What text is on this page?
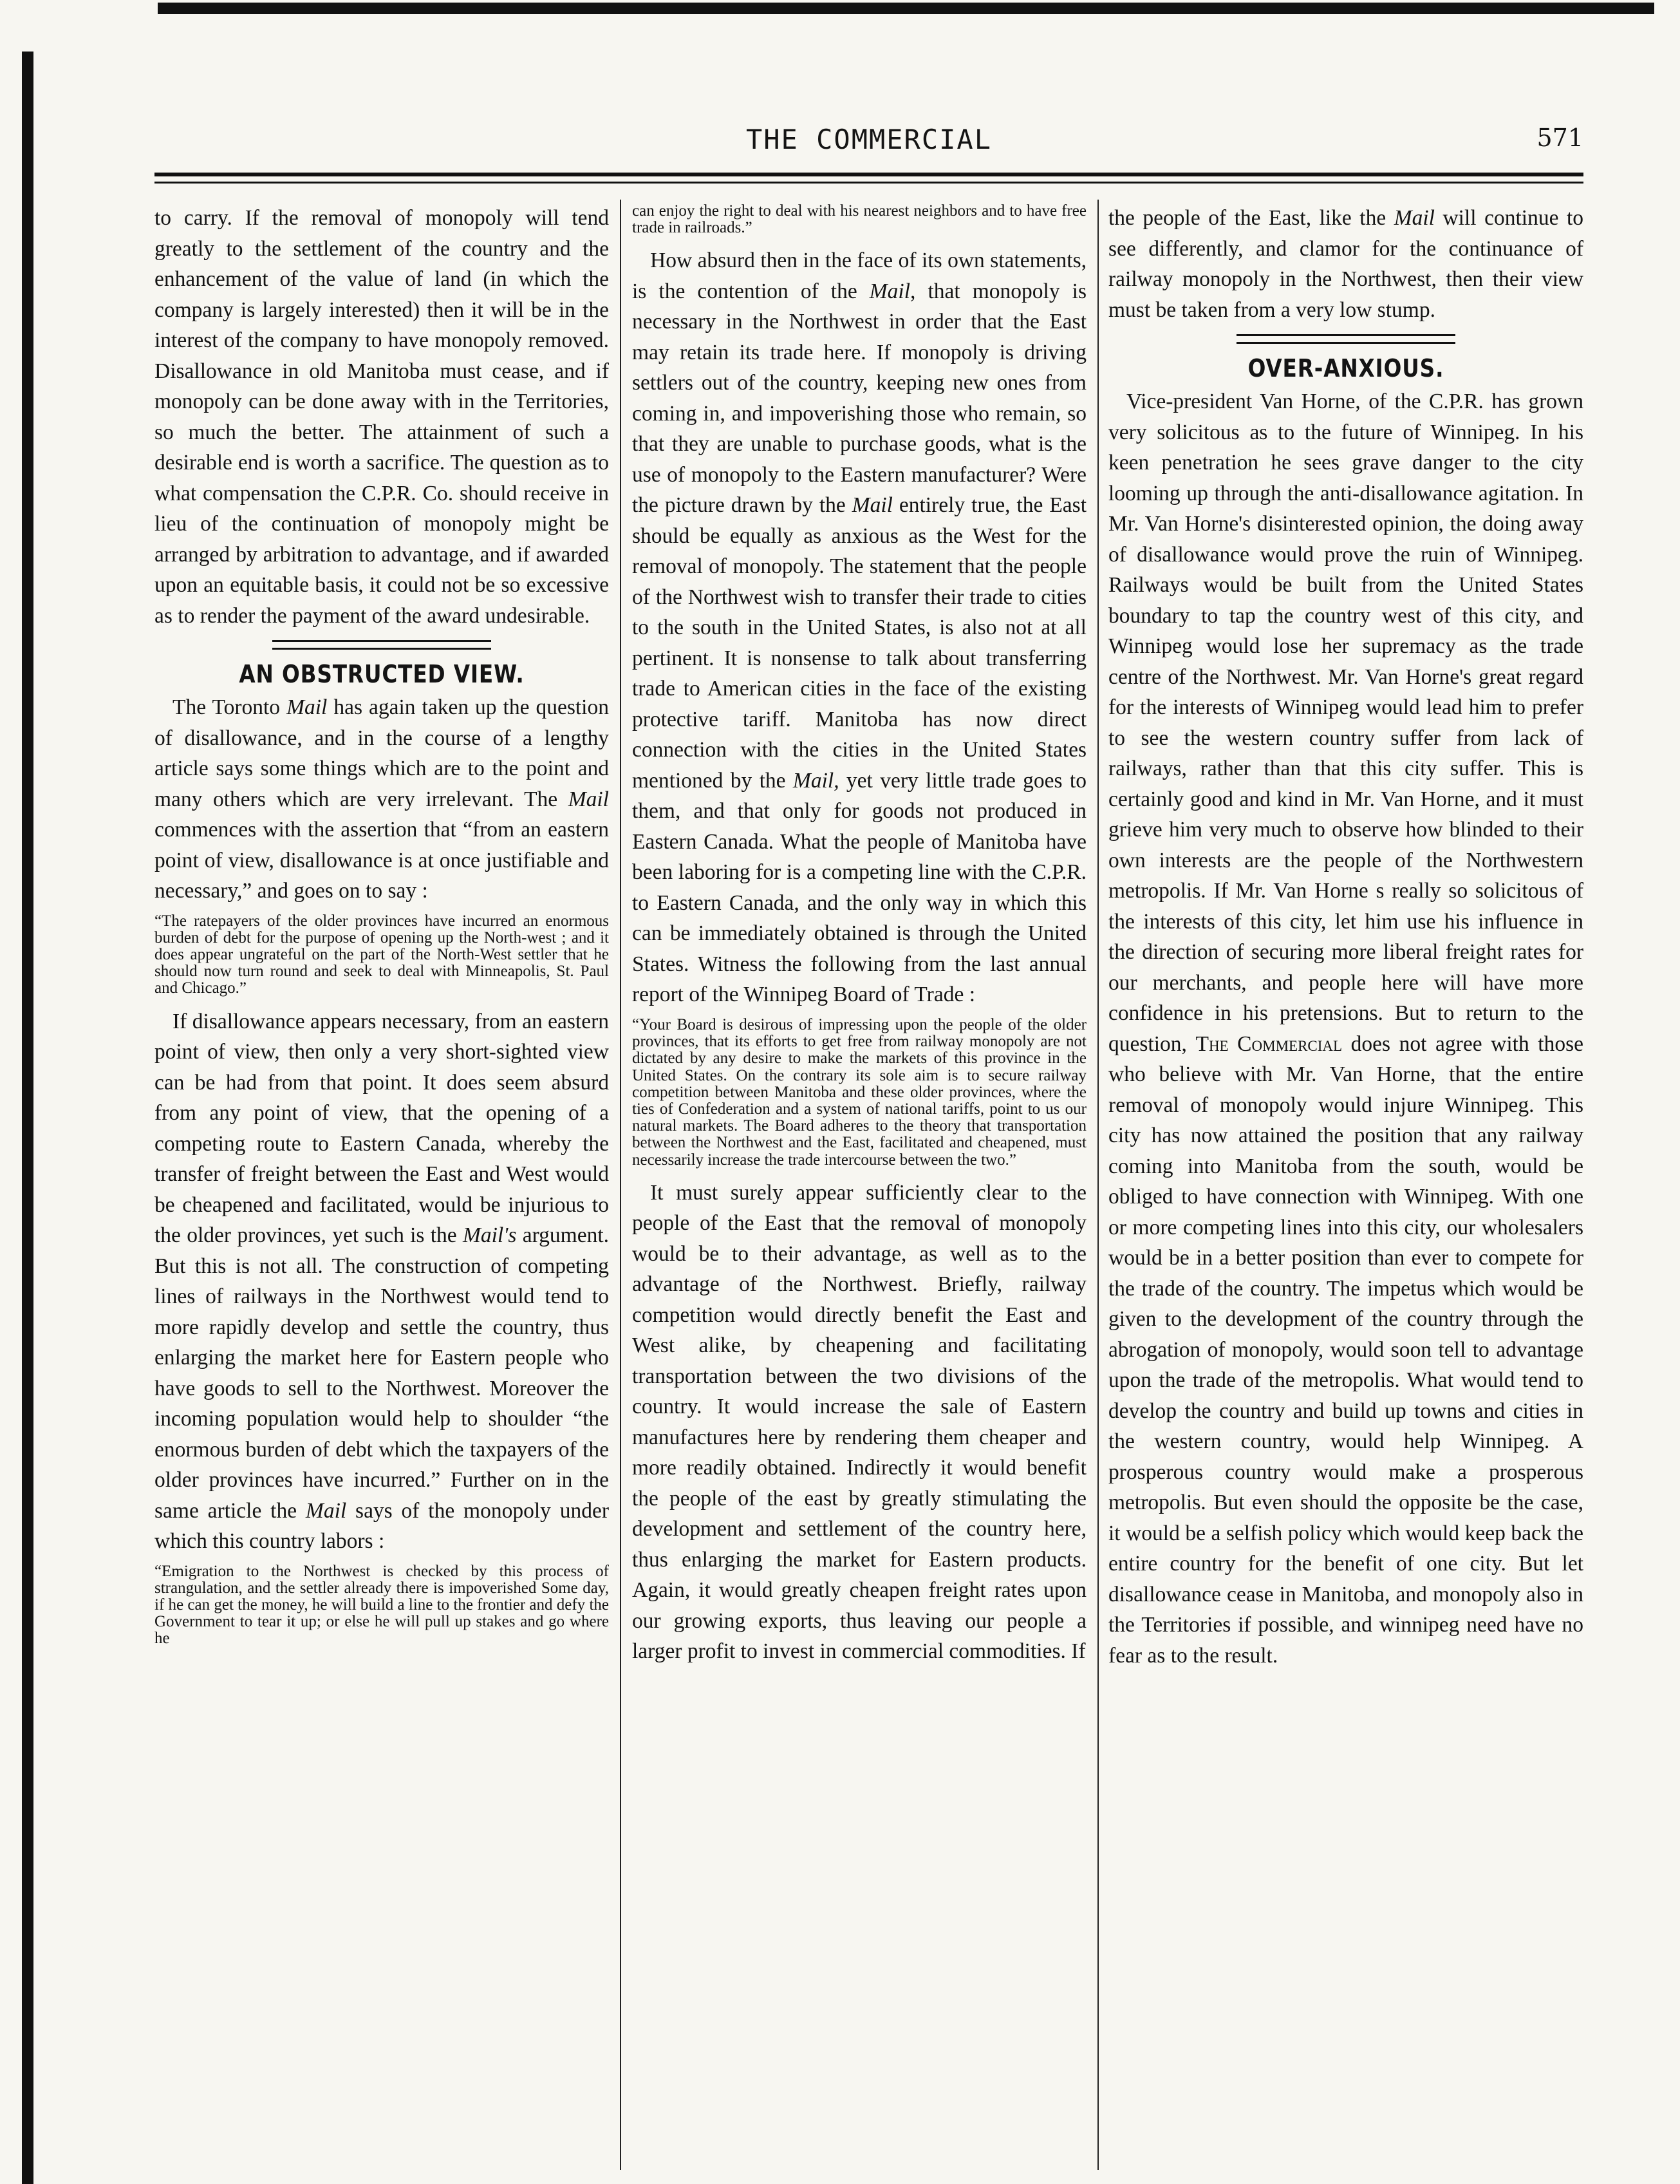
THE COMMERCIAL	571

to carry. If the removal of monopoly will tend greatly to the settlement of the country and the enhancement of the value of land (in which the company is largely interested) then it will be in the interest of the company to have monopoly removed. Disallowance in old Manitoba must cease, and if monopoly can be done away with in the Territories, so much the better. The attainment of such a desirable end is worth a sacrifice. The question as to what compensation the C.P.R. Co. should receive in lieu of the continuation of monopoly might be arranged by arbitration to advantage, and if awarded upon an equitable basis, it could not be so excessive as to render the payment of the award undesirable.

AN OBSTRUCTED VIEW.

The Toronto Mail has again taken up the question of disallowance, and in the course of a lengthy article says some things which are to the point and many others which are very irrelevant. The Mail commences with the assertion that “from an eastern point of view, disallowance is at once justifiable and necessary,” and goes on to say :

“The ratepayers of the older provinces have incurred an enormous burden of debt for the purpose of opening up the North-west ; and it does appear ungrateful on the part of the North-West settler that he should now turn round and seek to deal with Minneapolis, St. Paul and Chicago.”

If disallowance appears necessary, from an eastern point of view, then only a very short-sighted view can be had from that point. It does seem absurd from any point of view, that the opening of a competing route to Eastern Canada, whereby the transfer of freight between the East and West would be cheapened and facilitated, would be injurious to the older provinces, yet such is the Mail's argument. But this is not all. The construction of competing lines of railways in the Northwest would tend to more rapidly develop and settle the country, thus enlarging the market here for Eastern people who have goods to sell to the Northwest. Moreover the incoming population would help to shoulder “the enormous burden of debt which the taxpayers of the older provinces have incurred.” Further on in the same article the Mail says of the monopoly under which this country labors :

“Emigration to the Northwest is checked by this process of strangulation, and the settler already there is impoverished Some day, if he can get the money, he will build a line to the frontier and defy the Government to tear it up; or else he will pull up stakes and go where he

can enjoy the right to deal with his nearest neighbors and to have free trade in railroads.”

How absurd then in the face of its own statements, is the contention of the Mail, that monopoly is necessary in the Northwest in order that the East may retain its trade here. If monopoly is driving settlers out of the country, keeping new ones from coming in, and impoverishing those who remain, so that they are unable to purchase goods, what is the use of monopoly to the Eastern manufacturer? Were the picture drawn by the Mail entirely true, the East should be equally as anxious as the West for the removal of monopoly. The statement that the people of the Northwest wish to transfer their trade to cities to the south in the United States, is also not at all pertinent. It is nonsense to talk about transferring trade to American cities in the face of the existing protective tariff. Manitoba has now direct connection with the cities in the United States mentioned by the Mail, yet very little trade goes to them, and that only for goods not produced in Eastern Canada. What the people of Manitoba have been laboring for is a competing line with the C.P.R. to Eastern Canada, and the only way in which this can be immediately obtained is through the United States. Witness the following from the last annual report of the Winnipeg Board of Trade :

“Your Board is desirous of impressing upon the people of the older provinces, that its efforts to get free from railway monopoly are not dictated by any desire to make the markets of this province in the United States. On the contrary its sole aim is to secure railway competition between Manitoba and these older provinces, where the ties of Confederation and a system of national tariffs, point to us our natural markets. The Board adheres to the theory that transportation between the Northwest and the East, facilitated and cheapened, must necessarily increase the trade intercourse between the two.”

It must surely appear sufficiently clear to the people of the East that the removal of monopoly would be to their advantage, as well as to the advantage of the Northwest. Briefly, railway competition would directly benefit the East and West alike, by cheapening and facilitating transportation between the two divisions of the country. It would increase the sale of Eastern manufactures here by rendering them cheaper and more readily obtained. Indirectly it would benefit the people of the east by greatly stimulating the development and settlement of the country here, thus enlarging the market for Eastern products. Again, it would greatly cheapen freight rates upon our growing exports, thus leaving our people a larger profit to invest in commercial commodities. If

the people of the East, like the Mail will continue to see differently, and clamor for the continuance of railway monopoly in the Northwest, then their view must be taken from a very low stump.

OVER-ANXIOUS.

Vice-president Van Horne, of the C.P.R. has grown very solicitous as to the future of Winnipeg. In his keen penetration he sees grave danger to the city looming up through the anti-disallowance agitation. In Mr. Van Horne's disinterested opinion, the doing away of disallowance would prove the ruin of Winnipeg. Railways would be built from the United States boundary to tap the country west of this city, and Winnipeg would lose her supremacy as the trade centre of the Northwest. Mr. Van Horne's great regard for the interests of Winnipeg would lead him to prefer to see the western country suffer from lack of railways, rather than that this city suffer. This is certainly good and kind in Mr. Van Horne, and it must grieve him very much to observe how blinded to their own interests are the people of the Northwestern metropolis. If Mr. Van Horne s really so solicitous of the interests of this city, let him use his influence in the direction of securing more liberal freight rates for our merchants, and people here will have more confidence in his pretensions. But to return to the question, The Commercial does not agree with those who believe with Mr. Van Horne, that the entire removal of monopoly would injure Winnipeg. This city has now attained the position that any railway coming into Manitoba from the south, would be obliged to have connection with Winnipeg. With one or more competing lines into this city, our wholesalers would be in a better position than ever to compete for the trade of the country. The impetus which would be given to the development of the country through the abrogation of monopoly, would soon tell to advantage upon the trade of the metropolis. What would tend to develop the country and build up towns and cities in the western country, would help Winnipeg. A prosperous country would make a prosperous metropolis. But even should the opposite be the case, it would be a selfish policy which would keep back the entire country for the benefit of one city. But let disallowance cease in Manitoba, and monopoly also in the Territories if possible, and winnipeg need have no fear as to the result.
